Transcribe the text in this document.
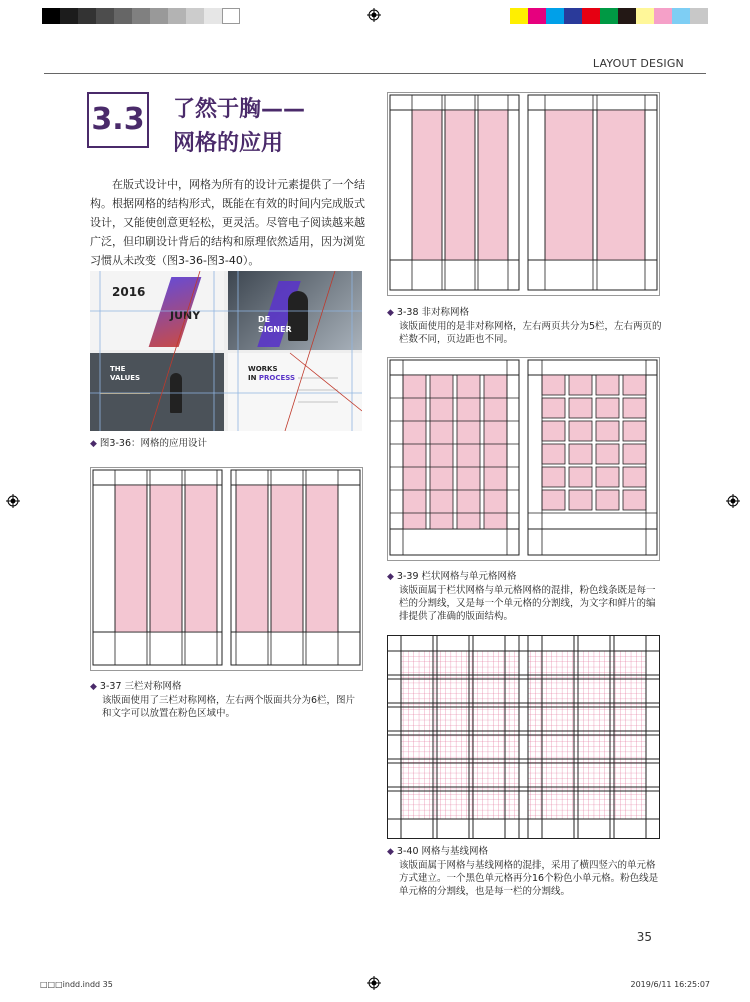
LAYOUT DESIGN
3.3 了然于胸——
网格的应用
在版式设计中，网格为所有的设计元素提供了一个结构。根据网格的结构形式，既能在有效的时间内完成版式设计，又能使创意更轻松，更灵活。尽管电子阅读越来越广泛，但印刷设计背后的结构和原理依然适用，因为浏览习惯从未改变（图3-36-图3-40）。
2016
JUNY	DE
SIGNER
THE
VALUES
WORKS
IN PROCESS
◆ 图3-36：网格的应用设计
◆ 3-37 三栏对称网格
该版面使用了三栏对称网格，左右两个版面共分为6栏，图片和文字可以放置在粉色区域中。
◆ 3-38 非对称网格
该版面使用的是非对称网格，左右两页共分为5栏，左右两页的栏数不同，页边距也不同。
◆ 3-39 栏状网格与单元格网格
该版面属于栏状网格与单元格网格的混排，粉色线条既是每一栏的分割线，又是每一个单元格的分割线，为文字和鲜片的编排提供了准确的版面结构。
◆ 3-40 网格与基线网格
该版面属于网格与基线网格的混排，采用了横四竖六的单元格方式建立。一个黑色单元格再分16个粉色小单元格。粉色线是单元格的分割线，也是每一栏的分割线。
35
□□□indd.indd 35	2019/6/11 16:25:07
